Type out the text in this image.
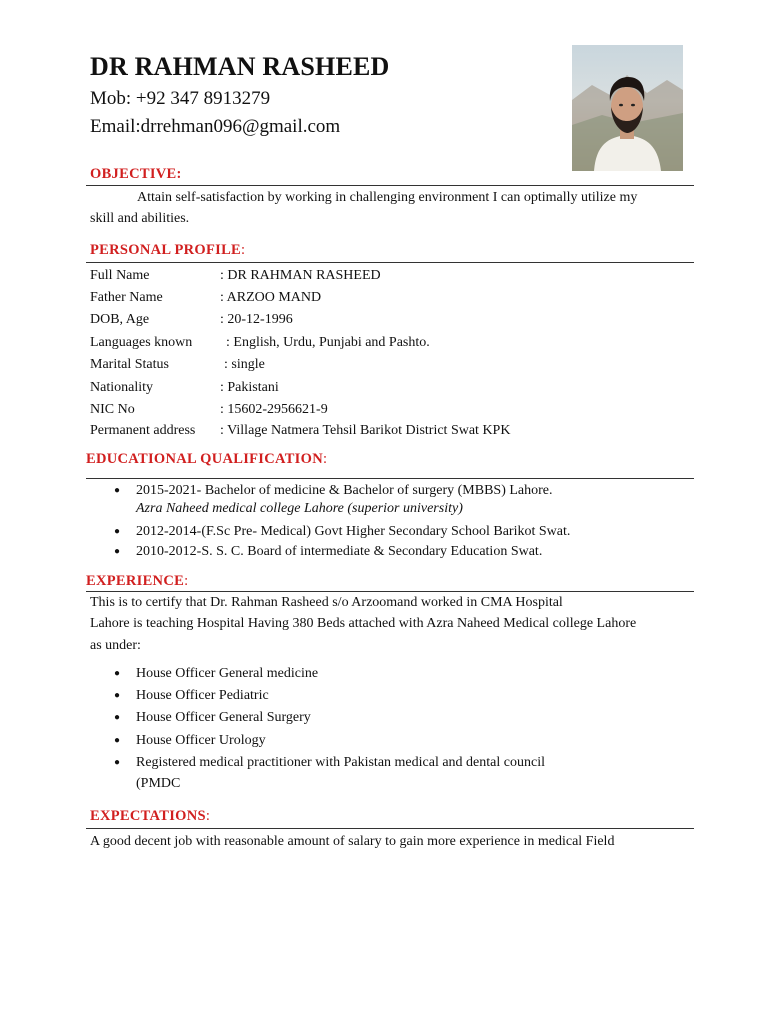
DR RAHMAN RASHEED
Mob: +92 347 8913279
Email:drrehman096@gmail.com
OBJECTIVE:
Attain self-satisfaction by working in challenging environment I can optimally utilize my
skill and abilities.
PERSONAL PROFILE:
Full Name	: DR RAHMAN RASHEED
Father Name	: ARZOO MAND
DOB, Age	: 20-12-1996
Languages known : English, Urdu, Punjabi and Pashto.
Marital Status	: single
Nationality	: Pakistani
NIC No	: 15602-2956621-9
Permanent address : Village Natmera Tehsil Barikot District Swat KPK
EDUCATIONAL QUALIFICATION:
● 2015-2021- Bachelor of medicine & Bachelor of surgery (MBBS) Lahore.
Azra Naheed medical college Lahore (superior university)
● 2012-2014-(F.Sc Pre- Medical) Govt Higher Secondary School Barikot Swat.
● 2010-2012-S. S. C. Board of intermediate & Secondary Education Swat.
EXPERIENCE:
This is to certify that Dr. Rahman Rasheed s/o Arzoomand worked in CMA Hospital
Lahore is teaching Hospital Having 380 Beds attached with Azra Naheed Medical college Lahore
as under:
● House Officer General medicine
● House Officer Pediatric
● House Officer General Surgery
● House Officer Urology
● Registered medical practitioner with Pakistan medical and dental council
(PMDC
EXPECTATIONS:
A good decent job with reasonable amount of salary to gain more experience in medical Field
